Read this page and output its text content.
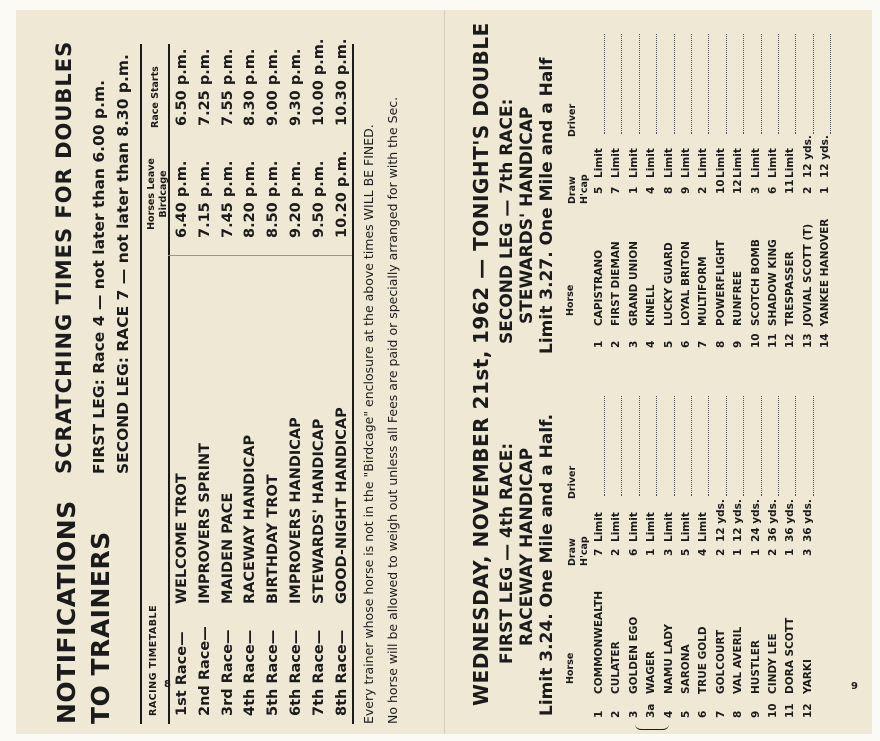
NOTIFICATIONS TO TRAINERS
SCRATCHING TIMES FOR DOUBLES FIRST LEG: Race 4 — not later than 6.00 p.m. SECOND LEG: RACE 7 — not later than 8.30 p.m.
RACING TIMETABLE
Horses Leave Birdcage
Race Starts
1st Race—
WELCOME TROT
6.40 p.m.
6.50 p.m.
2nd Race—
IMPROVERS SPRINT
7.15 p.m.
7.25 p.m.
3rd Race—
MAIDEN PACE
7.45 p.m.
7.55 p.m.
4th Race—
RACEWAY HANDICAP
8.20 p.m.
8.30 p.m.
5th Race—
BIRTHDAY TROT
8.50 p.m.
9.00 p.m.
6th Race—
IMPROVERS HANDICAP
9.20 p.m.
9.30 p.m.
7th Race—
STEWARDS' HANDICAP
9.50 p.m.
10.00 p.m.
8th Race—
GOOD-NIGHT HANDICAP
10.20 p.m.
10.30 p.m.
Every trainer whose horse is not in the "Birdcage" enclosure at the above times WILL BE FINED. No horse will be allowed to weigh out unless all Fees are paid or specially arranged for with the Sec.
8	WEDNESDAY, NOVEMBER 21st,
1962 — TONIGHT'S DOUBLE
FIRST LEG — 4th RACE: RACEWAY HANDICAP Limit 3.24. One Mile and a Half.
SECOND LEG — 7th RACE: STEWARDS' HANDICAP Limit 3.27. One Mile and a Half
Horse
Draw H'cap
Driver
Horse
Draw H'cap
Driver
1
COMMONWEALTH
7
Limit
2
CULATER
2
Limit
3
GOLDEN EGO
6
Limit
3a
WAGER
1
Limit
4
NAMU LADY
3
Limit
5
SARONA
5
Limit
6
TRUE GOLD
4
Limit
7
GOLCOURT
2
12 yds.
8
VAL AVERIL
1
12 yds.
9
HUSTLER
1
24 yds.
10
CINDY LEE
2
36 yds.
11
DORA SCOTT
1
36 yds.
12
YARKI
3
36 yds.
1
CAPISTRANO
5
Limit
2
FIRST DIEMAN
7
Limit
3
GRAND UNION
1
Limit
4
KINELL
4
Limit
5
LUCKY GUARD
8
Limit
6
LOYAL BRITON
9
Limit
7
MULTIFORM
2
Limit
8
POWERFLIGHT
10
Limit
9
RUNFREE
12
Limit
10
SCOTCH BOMB
3
Limit
11
SHADOW KING
6
Limit
12
TRESPASSER
11
Limit
13
JOVIAL SCOTT (T)
2
12 yds.
14
YANKEE HANOVER
1
12 yds.
9
